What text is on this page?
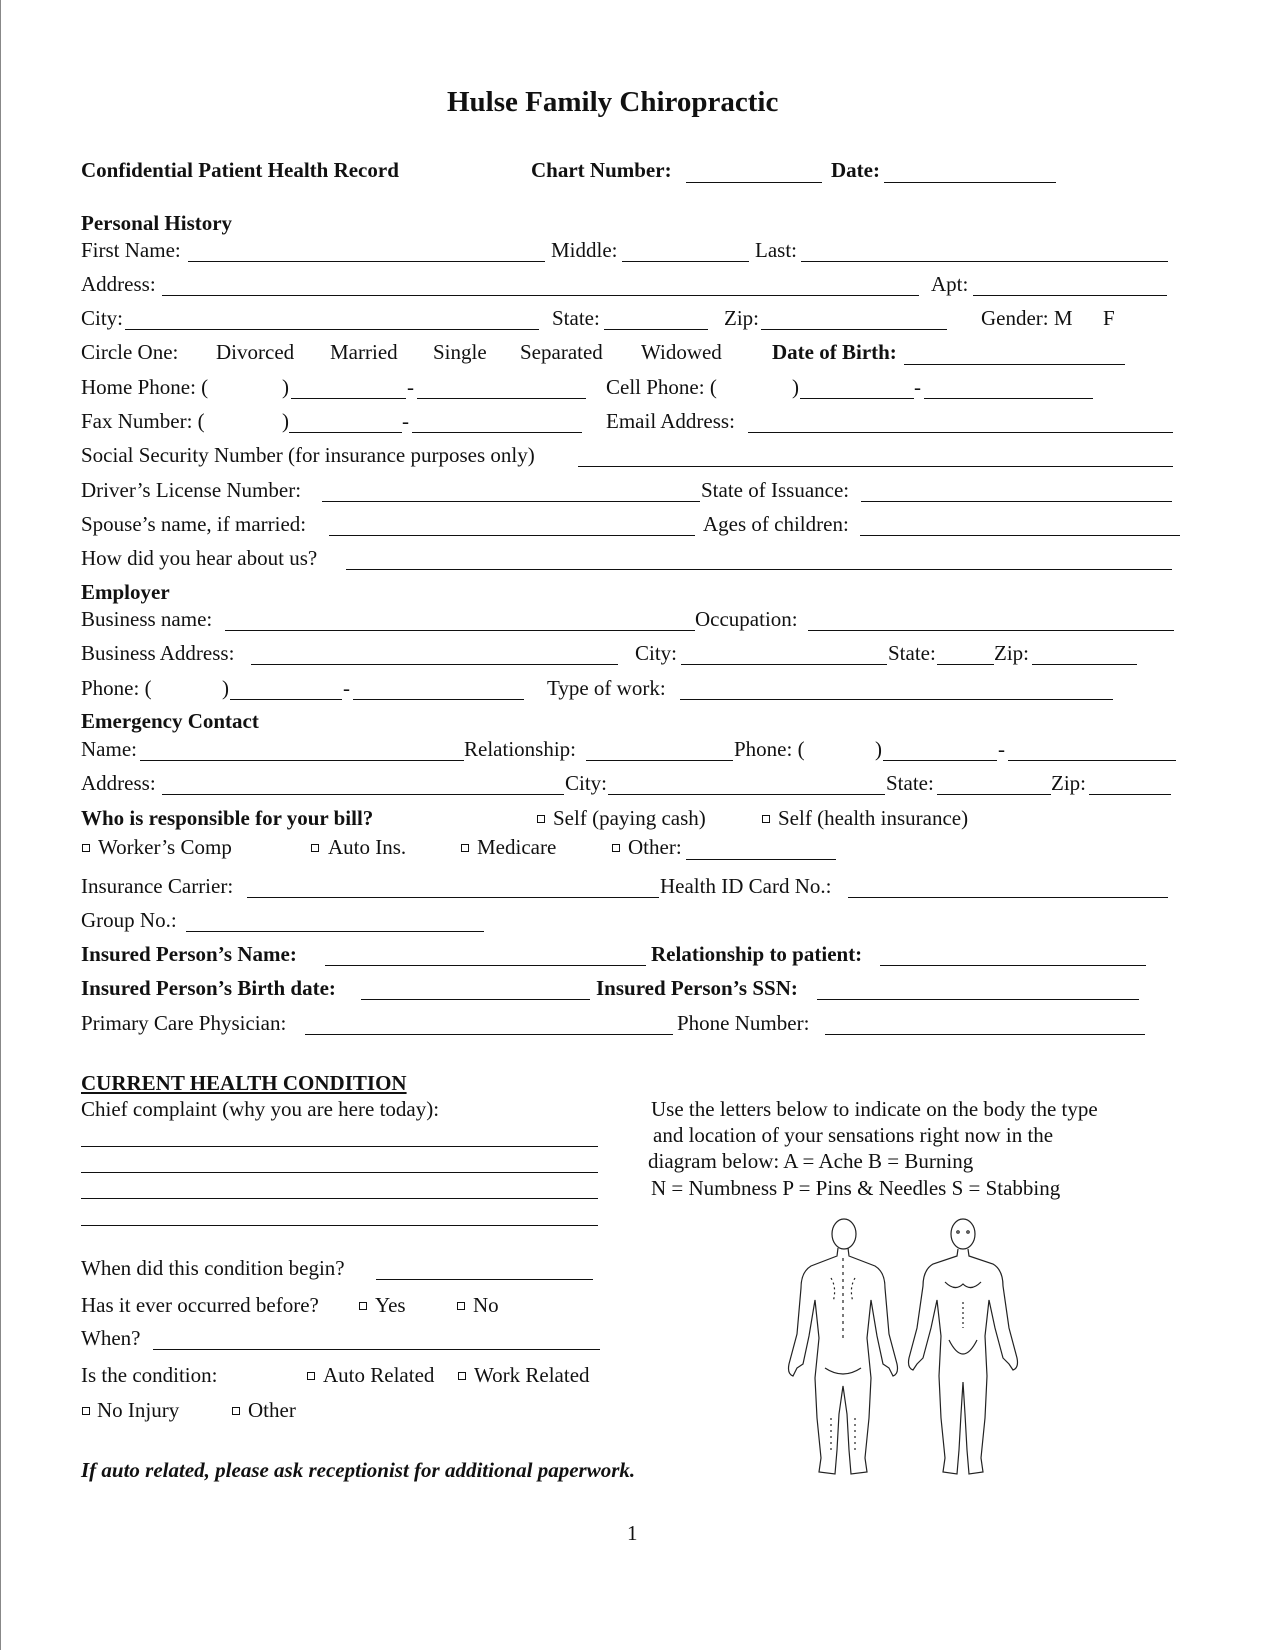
Hulse Family Chiropractic
Confidential Patient Health Record	Chart Number:	Date:
Personal History
First Name:	Middle:	Last:
Address:	Apt:
City:	State:	Zip:	Gender: M F
Circle One: Divorced Married Single Separated Widowed Date of Birth:
Home Phone: (	)	-	Cell Phone: (	)	-
Fax Number: (	)	-	Email Address:
Social Security Number (for insurance purposes only)
Driver’s License Number:	State of Issuance:
Spouse’s name, if married:	Ages of children:
How did you hear about us?
Employer
Business name:	Occupation:
Business Address:	City:	State:	Zip:
Phone: (	)	-	Type of work:
Emergency Contact
Name:	Relationship:	Phone: (	)	-
Address:	City:	State:	Zip:
Who is responsible for your bill?	Self (paying cash)	Self (health insurance)
Worker’s Comp	Auto Ins.	Medicare	Other:
Insurance Carrier:	Health ID Card No.:
Group No.:
Insured Person’s Name:	Relationship to patient:
Insured Person’s Birth date:	Insured Person’s SSN:
Primary Care Physician:	Phone Number:
CURRENT HEALTH CONDITION
Chief complaint (why you are here today):	Use the letters below to indicate on the body the type
and location of your sensations right now in the
diagram below: A = Ache B = Burning
N = Numbness P = Pins & Needles S = Stabbing
When did this condition begin?
Has it ever occurred before?	Yes	No
When?
Is the condition:	Auto Related Work Related
No Injury	Other
If auto related, please ask receptionist for additional paperwork.
1
